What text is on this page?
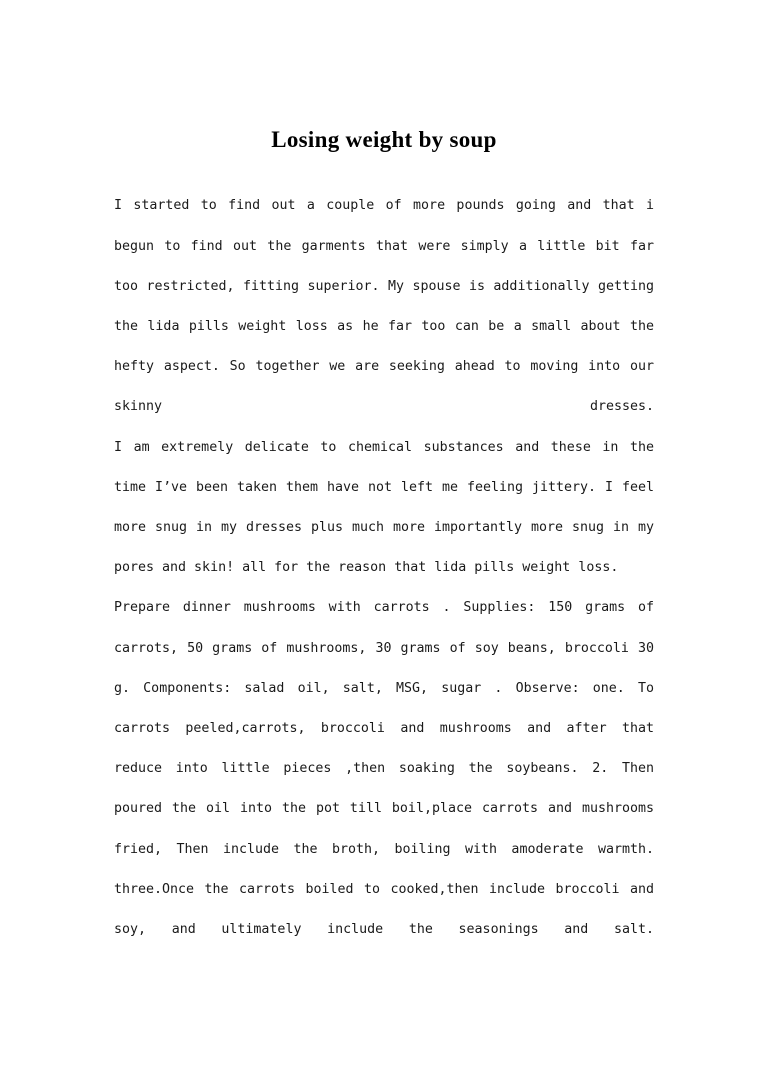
Losing weight by soup

I started to find out a couple of more pounds going and that i begun to find out the garments that were simply a little bit far too restricted, fitting superior. My spouse is additionally getting the lida pills weight loss as he far too can be a small about the hefty aspect. So together we are seeking ahead to moving into our skinny dresses.

I am extremely delicate to chemical substances and these in the time I’ve been taken them have not left me feeling jittery. I feel more snug in my dresses plus much more importantly more snug in my pores and skin! all for the reason that lida pills weight loss.

Prepare dinner mushrooms with carrots . Supplies: 150 grams of carrots, 50 grams of mushrooms, 30 grams of soy beans, broccoli 30 g. Components: salad oil, salt, MSG, sugar . Observe: one. To carrots peeled,carrots, broccoli and mushrooms and after that reduce into little pieces ,then soaking the soybeans. 2. Then poured the oil into the pot till boil,place carrots and mushrooms fried, Then include the broth, boiling with amoderate warmth. three.Once the carrots boiled to cooked,then include broccoli and soy, and ultimately include the seasonings and salt.
